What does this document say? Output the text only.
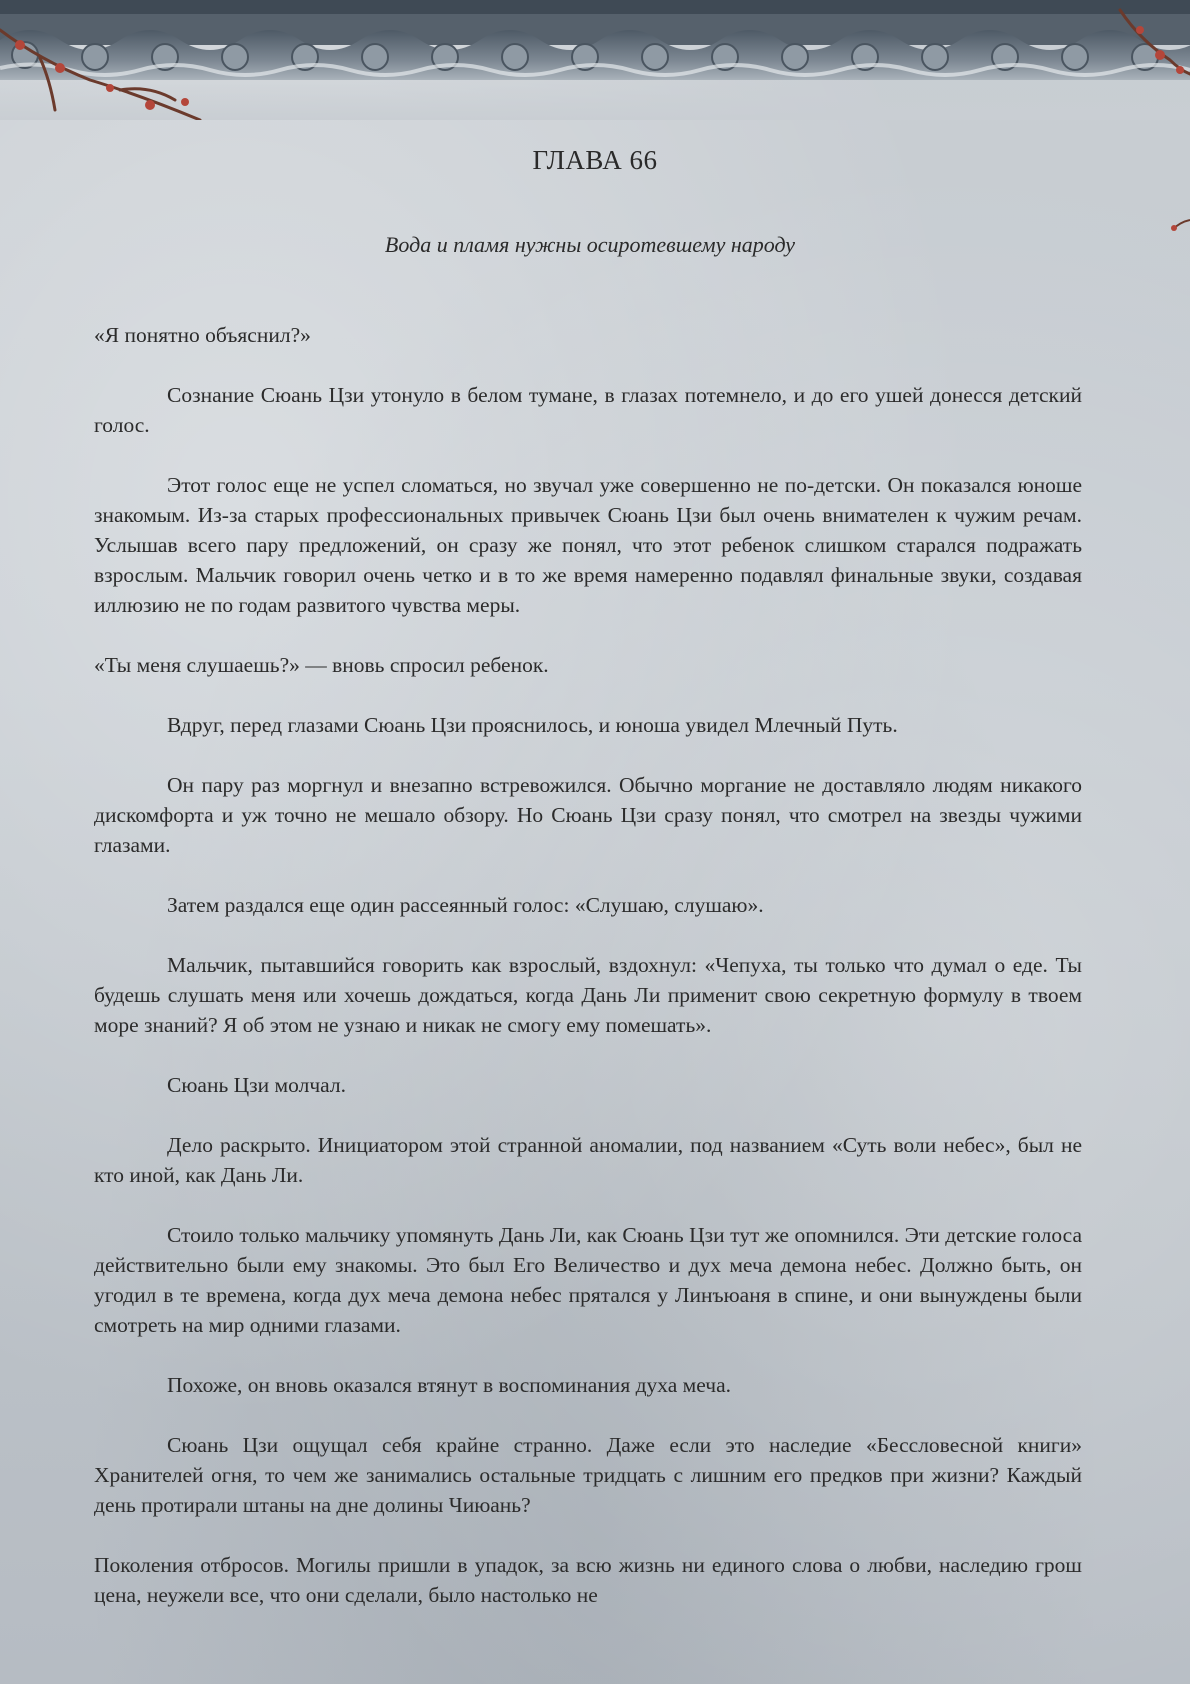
ГЛАВА 66
Вода и пламя нужны осиротевшему народу

«Я понятно объяснил?»

Сознание Сюань Цзи утонуло в белом тумане, в глазах потемнело, и до его ушей донесся детский голос.

Этот голос еще не успел сломаться, но звучал уже совершенно не по-детски. Он показался юноше знакомым. Из-за старых профессиональных привычек Сюань Цзи был очень внимателен к чужим речам. Услышав всего пару предложений, он сразу же понял, что этот ребенок слишком старался подражать взрослым. Мальчик говорил очень четко и в то же время намеренно подавлял финальные звуки, создавая иллюзию не по годам развитого чувства меры.

«Ты меня слушаешь?» — вновь спросил ребенок.

Вдруг, перед глазами Сюань Цзи прояснилось, и юноша увидел Млечный Путь.

Он пару раз моргнул и внезапно встревожился. Обычно моргание не доставляло людям никакого дискомфорта и уж точно не мешало обзору. Но Сюань Цзи сразу понял, что смотрел на звезды чужими глазами.

Затем раздался еще один рассеянный голос: «Слушаю, слушаю».

Мальчик, пытавшийся говорить как взрослый, вздохнул: «Чепуха, ты только что думал о еде. Ты будешь слушать меня или хочешь дождаться, когда Дань Ли применит свою секретную формулу в твоем море знаний? Я об этом не узнаю и никак не смогу ему помешать».

Сюань Цзи молчал.

Дело раскрыто. Инициатором этой странной аномалии, под названием «Суть воли небес», был не кто иной, как Дань Ли.

Стоило только мальчику упомянуть Дань Ли, как Сюань Цзи тут же опомнился. Эти детские голоса действительно были ему знакомы. Это был Его Величество и дух меча демона небес. Должно быть, он угодил в те времена, когда дух меча демона небес прятался у Линъюаня в спине, и они вынуждены были смотреть на мир одними глазами.

Похоже, он вновь оказался втянут в воспоминания духа меча.

Сюань Цзи ощущал себя крайне странно. Даже если это наследие «Бессловесной книги» Хранителей огня, то чем же занимались остальные тридцать с лишним его предков при жизни? Каждый день протирали штаны на дне долины Чиюань?

Поколения отбросов. Могилы пришли в упадок, за всю жизнь ни единого слова о любви, наследию грош цена, неужели все, что они сделали, было настолько не
